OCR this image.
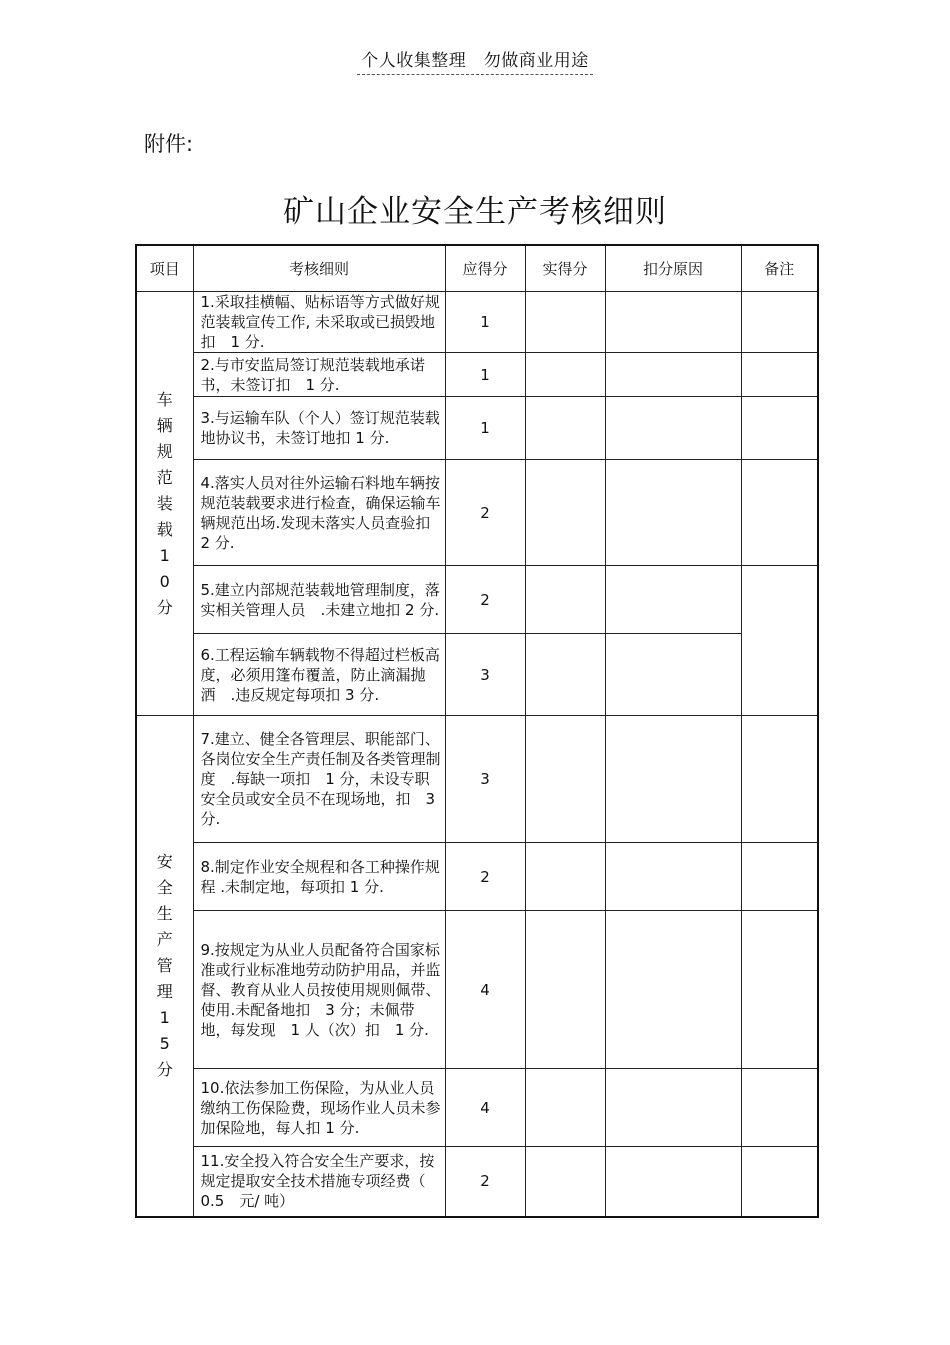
个人收集整理　勿做商业用途
附件:
矿山企业安全生产考核细则
项目	考核细则	应得分	实得分	扣分原因	备注
车辆规范装载10分	1.采取挂横幅、贴标语等方式做好规范装载宣传工作, 未采取或已损毁地扣　1 分.	1			
	2.与市安监局签订规范装载地承诺书，未签订扣　1 分.	1			
	3.与运输车队（个人）签订规范装载地协议书，未签订地扣 1 分.	1			
	4.落实人员对往外运输石料地车辆按规范装载要求进行检查，确保运输车辆规范出场.发现未落实人员查验扣　2 分.	2			
	5.建立内部规范装载地管理制度，落实相关管理人员　.未建立地扣 2 分.	2			
	6.工程运输车辆载物不得超过栏板高度，必须用篷布覆盖，防止滴漏抛洒　.违反规定每项扣 3 分.	3			
安全生产管理15分	7.建立、健全各管理层、职能部门、各岗位安全生产责任制及各类管理制度　.每缺一项扣　1 分，未设专职安全员或安全员不在现场地，扣　3 分.	3			
	8.制定作业安全规程和各工种操作规程 .未制定地，每项扣 1 分.	2			
	9.按规定为从业人员配备符合国家标准或行业标准地劳动防护用品，并监督、教育从业人员按使用规则佩带、使用.未配备地扣　3 分；未佩带地，每发现　1 人（次）扣　1 分.	4			
	10.依法参加工伤保险，为从业人员缴纳工伤保险费，现场作业人员未参加保险地，每人扣 1 分.	4			
	11.安全投入符合安全生产要求，按规定提取安全技术措施专项经费（　0.5　元/ 吨）	2			
